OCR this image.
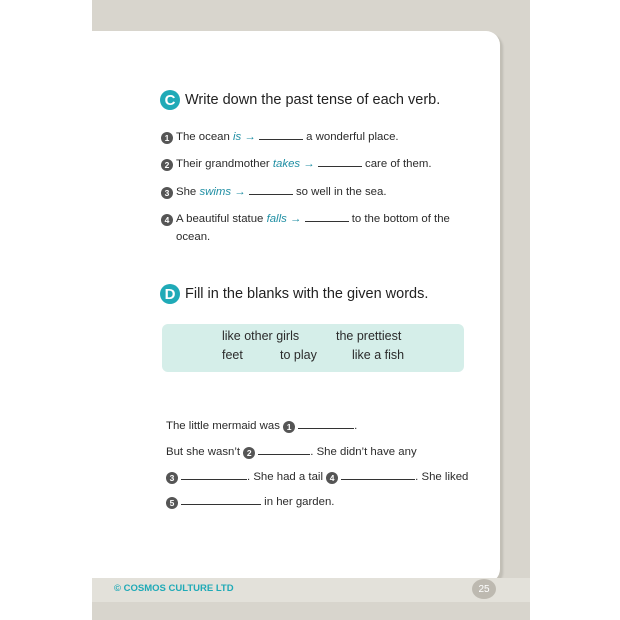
C Write down the past tense of each verb.
1 The ocean is →	a wonderful place.
2 Their grandmother takes →	care of them.
3 She swims →	so well in the sea.
4 A beautiful statue falls →	to the bottom of the
ocean.
D Fill in the blanks with the given words.
like other girls	the prettiest
feet	to play	like a fish
The little mermaid was 1	.
But she wasn’t 2	. She didn’t have any
3	. She had a tail 4	. She liked
5	in her garden.
© COSMOS CULTURE LTD	25
